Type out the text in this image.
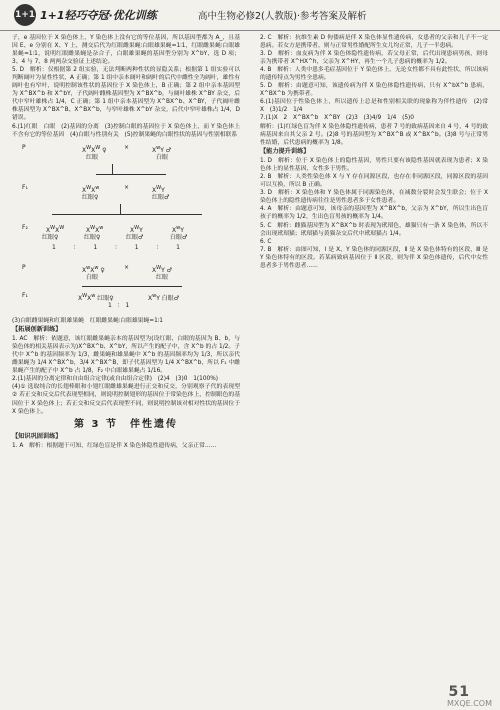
1+1 1+1轻巧夺冠·优化训练	高中生物必修2(人教版)·参考答案及解析

子，e 基因位于 X 染色体上，Y 染色体上没有它的等位基因，所以基因型都为 A_，且基因 E、e 分别在 X、Y 上，测交后代为红眼雌果蝇∶白眼雄果蝇=1∶1，红眼雌果蝇∶白眼雄果蝇=1∶1，说明红眼雌果蝇是杂合子，白眼雄果蝇的基因型分别为 X^bY，选 D 项；3、4 与 7、8 两两杂交验证上述结论。

5. D　解析：仅根据第 2 组实验，无法判断两种性状的显隐关系；根据第 1 组实验可以判断阔叶为显性性状，A 正确；第 1 组中亲本阔叶和阔叶的后代中雌性全为阔叶，雄性有阔叶也有窄叶，说明控制该性状的基因位于 X 染色体上，B 正确；第 2 组中亲本基因型为 X^BX^b 和 X^bY，子代阔叶雌株基因型为 X^BX^b，与阔叶雄株 X^BY 杂交，后代中窄叶雄株占 1/4，C 正确；第 1 组中亲本基因型为 X^BX^b、X^BY，子代阔叶雌株基因型为 X^BX^B、X^BX^b，与窄叶雄株 X^bY 杂交，后代中窄叶雄株占 1/4，D 错误。

6.(1)红眼　白眼　(2)基因的分离　(3)控制白眼的基因位于 X 染色体上，而 Y 染色体上不含有它的等位基因　(4)白眼与性别有关　(5)控制果蝇的白眼性状的基因与性别相联系

P	$X^WX^W$ ♀	×	$X^wY$ ♂
红眼	白眼
F₁	$X^WX^w$	×	$X^WY$
红眼♀	红眼♂
F₂	$X^WX^W$	$X^WX^w$	$X^WY$	$X^wY$
红眼♀	红眼♀	红眼♂	白眼♂
1　　　∶　　　1　　　∶　　　1　　　∶　　　1
P	$X^wX^w$ ♀	×	$X^WY$ ♂
白眼	红眼
F₁	$X^WX^w$ 红眼♀	$X^wY$ 白眼♂
1　∶　1

(3)白眼雌果蝇和红眼雄果蝇　红眼雌果蝇∶白眼雄果蝇=1∶1

【拓展创新训练】

1. AC　解析：依题意，该红眼雌果蝇亲本的基因型为(设红眼、白眼的基因为 B、b，与染色体的相关基因表示为)X^BX^b、X^bY，所以产生的配子中，含 X^b 的占 1/2。子代中 X^b 的基因频率为 1/3，雌果蝇和雄果蝇中 X^b 的基因频率均为 1/3，所以亲代雌果蝇为 1/4 X^BX^b，3/4 X^BX^B，即子代基因型为 1/4 X^BX^b，所以 F₁ 中雌果蝇产生的配子中 X^b 占 1/8，F₂ 中白眼雄果蝇占 1/16。

2.(1)基因的分离定律和自由组合定律(或自由组合定律)　(2)4　(3)0　1(100%)

(4)① 选取纯合的长翅棒眼和小翅红眼雌雄果蝇进行正交和反交，分别观察子代的表现型　② 若正交和反交后代表现型相同，则说明控制翅形的基因位于常染色体上，控制眼色的基因位于 X 染色体上；若正交和反交后代表现型不同，则说明控制该对相对性状的基因位于 X 染色体上。

第 3 节　伴性遗传
【知识巩固训练】

1. A　解析：根据题干可知，红绿色盲是伴 X 染色体隐性遗传病，父亲正常……

2. C　解析：抗维生素 D 佝偻病是伴 X 染色体显性遗传病，女患者的父亲和儿子不一定患病。若女方是携带者，则与正常男性婚配所生女儿均正常，儿子一半患病。

3. D　解析：血友病为伴 X 染色体隐性遗传病，若父母正常，后代出现患病男孩，则母亲为携带者 X^HX^h，父亲为 X^HY，再生一个儿子患病的概率为 1/2。

4. B　解析：人类中患多毛症基因位于 Y 染色体上，无论女性都不具有此性状，所以该病的遗传特点为男性全患病。

5. D　解析：由题意可知，该遗传病为伴 X 染色体隐性遗传病，只有 X^bX^b 患病，X^BX^b 为携带者。

6.(1)基因位于性染色体上，所以遗传上总是和性别相关联的现象称为伴性遗传　(2)常　X　(3)1/2　1/4

7.(1)X　2　X^BX^b　X^BY　(2)3　(3)4/9　1/4　(5)0

解析：(1)红绿色盲为伴 X 染色体隐性遗传病，患者 7 号的致病基因来自 4 号，4 号的致病基因来自其父亲 2 号。(2)8 号的基因型为 X^BX^B 或 X^BX^b。(3)8 号与正常男性结婚，后代患病的概率为 1/8。

【能力提升训练】

1. D　解析：位于 X 染色体上的隐性基因，男性只要有该隐性基因就表现为患者；X 染色体上的显性基因，女性多于男性。

2. B　解析：人类性染色体 X 与 Y 存在同源区段，也存在非同源区段，同源区段的基因可以互换，所以 B 正确。

3. D　解析：X 染色体和 Y 染色体属于同源染色体，在减数分裂时会发生联会；位于 X 染色体上的隐性遗传病往往是男性患者多于女性患者。

4. A　解析：由题意可知，该母亲的基因型为 X^BX^b，父亲为 X^bY，所以生出色盲孩子的概率为 1/2，生出色盲男孩的概率为 1/4。

5. C　解析：雌猫基因型为 X^BX^b 时表现为玳瑁色，雄猫只有一条 X 染色体，所以不会出现玳瑁猫；玳瑁猫与黄猫杂交后代中玳瑁猫占 1/4。

6. C

7. B　解析：由图可知，Ⅰ 是 X、Y 染色体的同源区段，Ⅱ 是 X 染色体特有的区段，Ⅲ 是 Y 染色体特有的区段。若某病致病基因位于 Ⅱ 区段，则为伴 X 染色体遗传，后代中女性患者多于男性患者……

51
MXQE.COM
